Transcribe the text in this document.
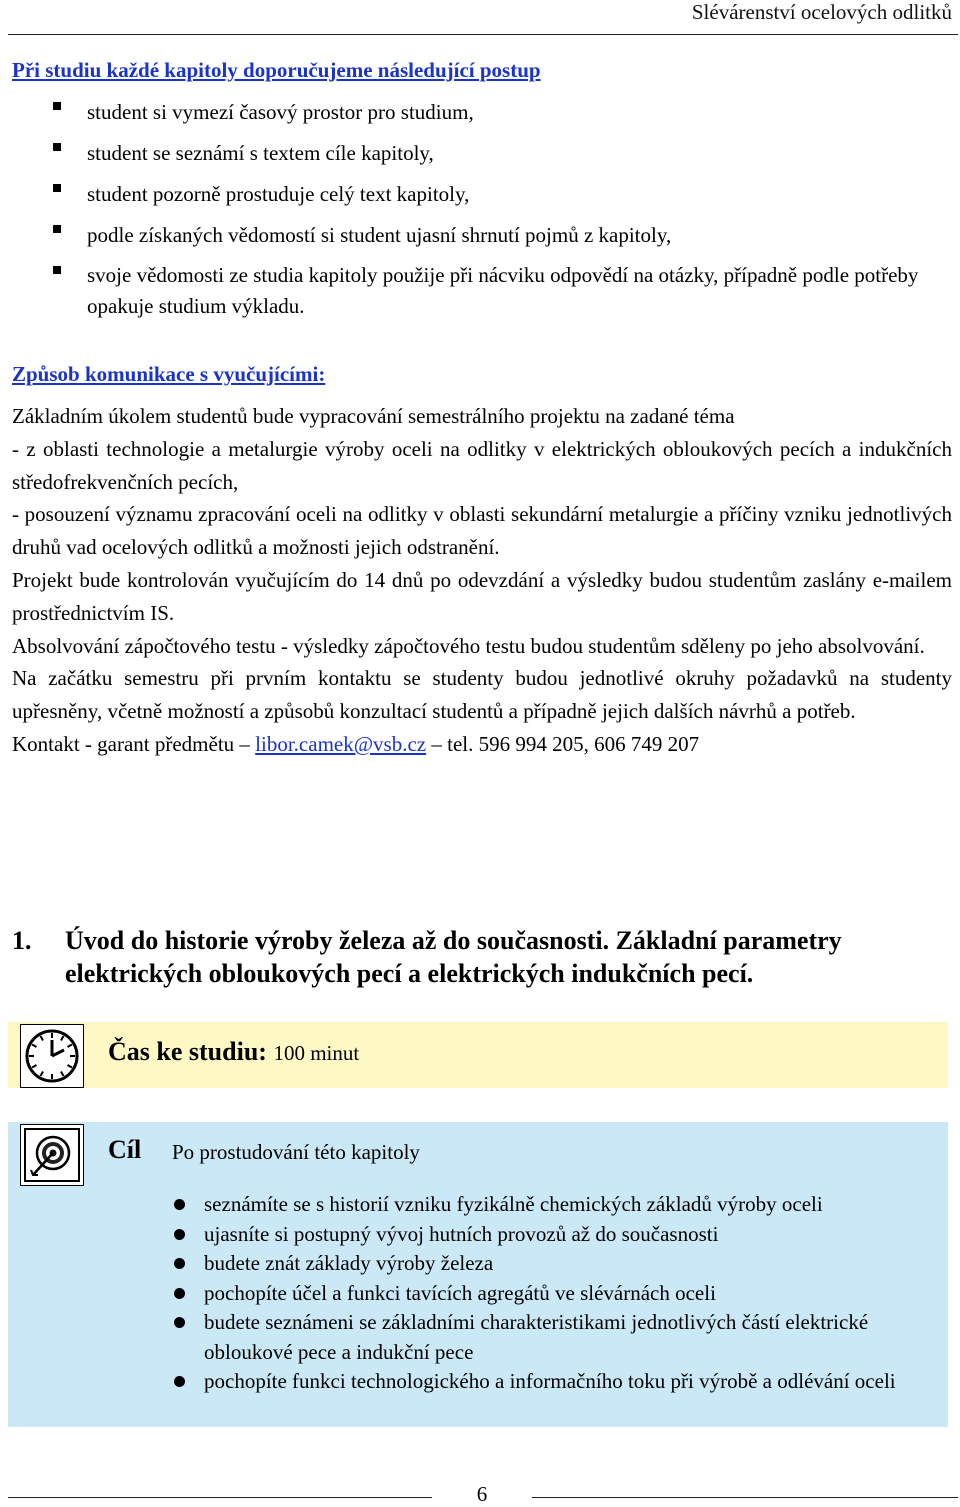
Slévárenství ocelových odlitků
Při studiu každé kapitoly doporučujeme následující postup
student si vymezí časový prostor pro studium,
student se seznámí s textem cíle kapitoly,
student pozorně prostuduje celý text kapitoly,
podle získaných vědomostí si student ujasní shrnutí pojmů z kapitoly,
svoje vědomosti ze studia kapitoly použije při nácviku odpovědí na otázky, případně podle potřeby opakuje studium výkladu.
Způsob komunikace s vyučujícími:

Základním úkolem studentů bude vypracování semestrálního projektu na zadané téma

- z oblasti technologie a metalurgie výroby oceli na odlitky v elektrických obloukových pecích a indukčních středofrekvenčních pecích,

- posouzení významu zpracování oceli na odlitky v oblasti sekundární metalurgie a příčiny vzniku jednotlivých druhů vad ocelových odlitků a možnosti jejich odstranění.

Projekt bude kontrolován vyučujícím do 14 dnů po odevzdání a výsledky budou studentům zaslány e-mailem prostřednictvím IS.

Absolvování zápočtového testu - výsledky zápočtového testu budou studentům sděleny po jeho absolvování.

Na začátku semestru při prvním kontaktu se studenty budou jednotlivé okruhy požadavků na studenty upřesněny, včetně možností a způsobů konzultací studentů a případně jejich dalších návrhů a potřeb.

Kontakt - garant předmětu – libor.camek@vsb.cz – tel. 596 994 205, 606 749 207

1. Úvod do historie výroby železa až do současnosti. Základní parametry elektrických obloukových pecí a elektrických indukčních pecí.
Čas ke studiu: 100 minut
Cíl Po prostudování této kapitoly
seznámíte se s historií vzniku fyzikálně chemických základů výroby oceli
ujasníte si postupný vývoj hutních provozů až do současnosti
budete znát základy výroby železa
pochopíte účel a funkci tavících agregátů ve slévárnách oceli
budete seznámeni se základními charakteristikami jednotlivých částí elektrické obloukové pece a indukční pece
pochopíte funkci technologického a informačního toku při výrobě a odlévání oceli
6
